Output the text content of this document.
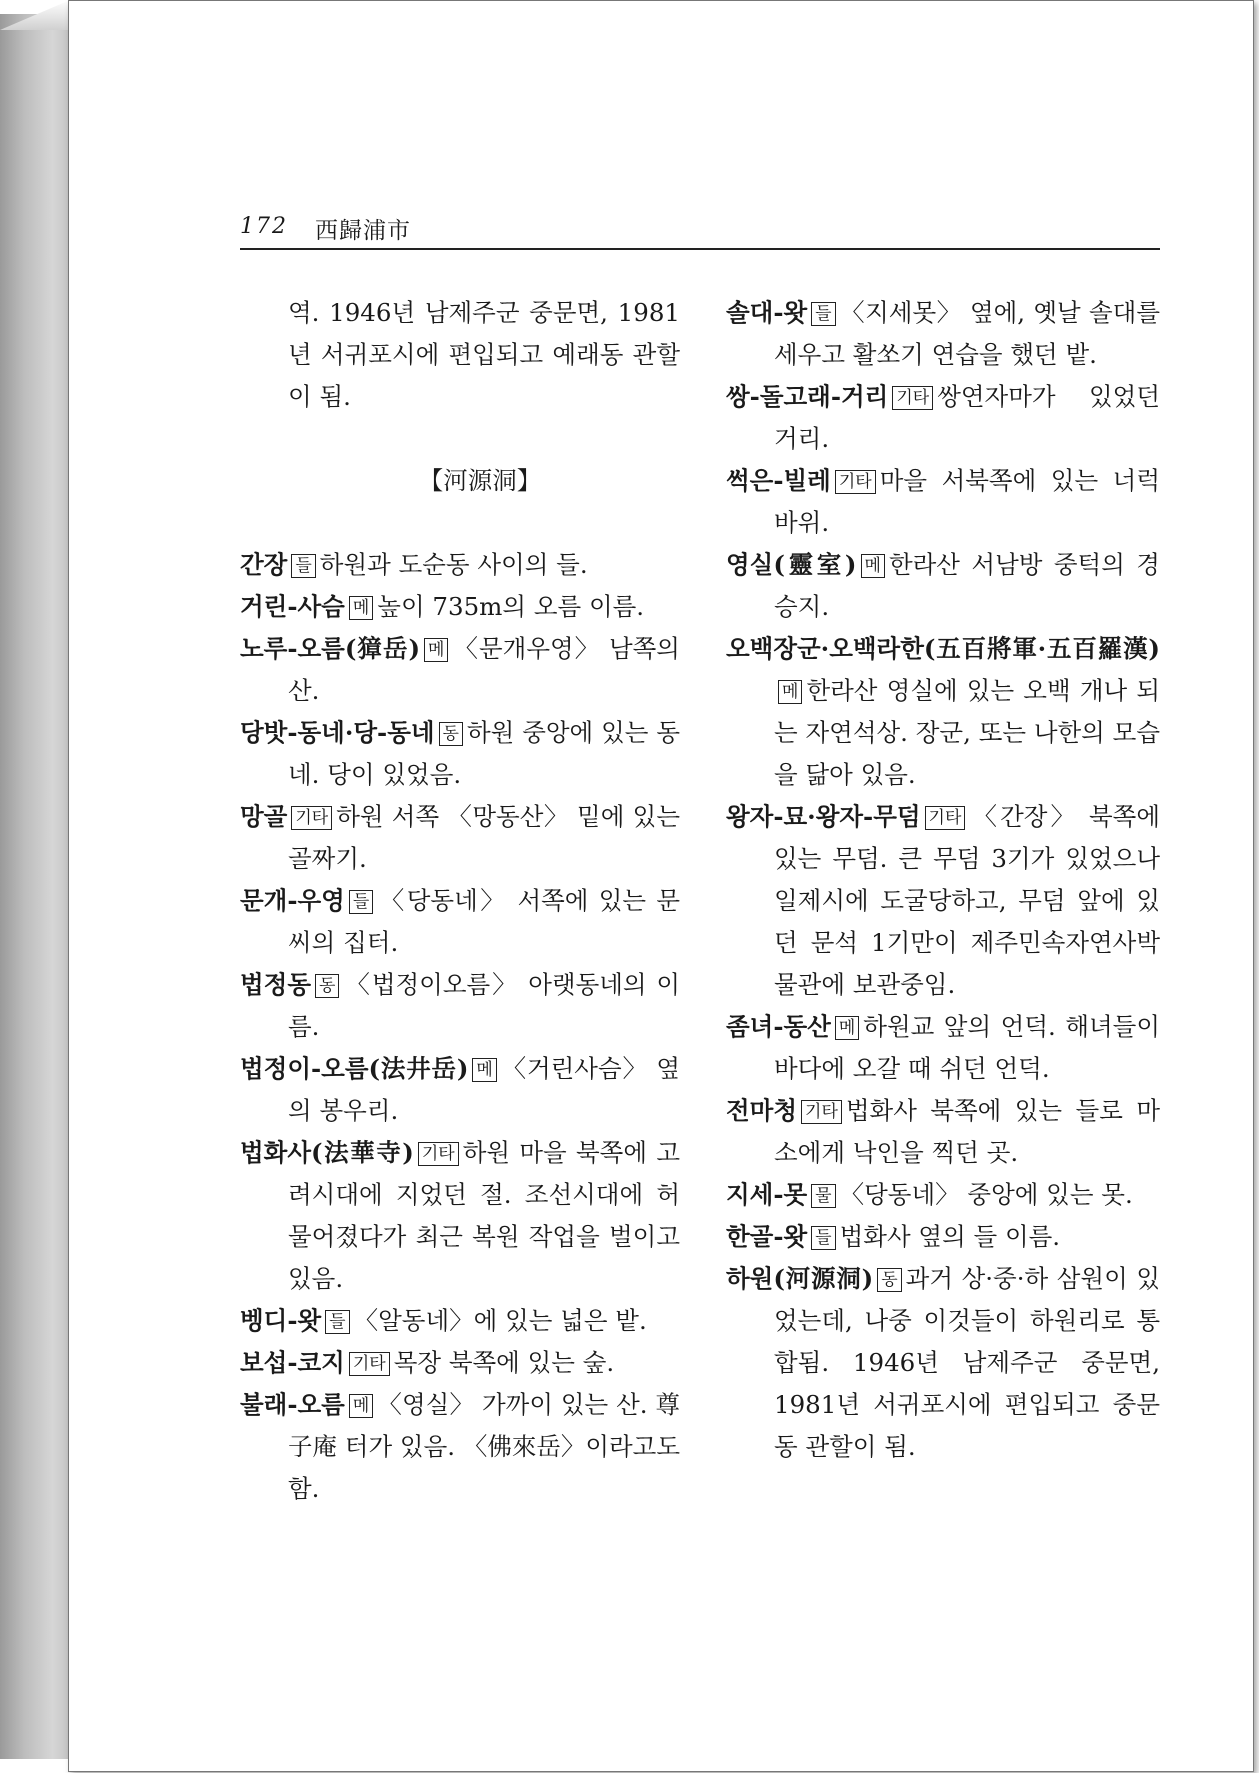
172 西歸浦市

역. 1946년 남제주군 중문면, 1981년 서귀포시에 편입되고 예래동 관할이 됨.

【河源洞】

간장 들 하원과 도순동 사이의 들.

거린-사슴 메 높이 735m의 오름 이름.

노루-오름(獐岳) 메 〈문개우영〉 남쪽의 산.

당밧-동네·당-동네 동 하원 중앙에 있는 동네. 당이 있었음.

망골 기타 하원 서쪽 〈망동산〉 밑에 있는 골짜기.

문개-우영 들 〈당동네〉 서쪽에 있는 문씨의 집터.

법정동 동 〈법정이오름〉 아랫동네의 이름.

법정이-오름(法井岳) 메 〈거린사슴〉 옆의 봉우리.

법화사(法華寺) 기타 하원 마을 북쪽에 고려시대에 지었던 절. 조선시대에 허물어졌다가 최근 복원 작업을 벌이고 있음.

벵디-왓 들 〈알동네〉에 있는 넓은 밭.

보섭-코지 기타 목장 북쪽에 있는 숲.

불래-오름 메 〈영실〉 가까이 있는 산. 尊子庵 터가 있음. 〈佛來岳〉이라고도 함.

솔대-왓 들 〈지세못〉 옆에, 옛날 솔대를 세우고 활쏘기 연습을 했던 밭.

쌍-돌고래-거리 기타 쌍연자마가 있었던 거리.

썩은-빌레 기타 마을 서북쪽에 있는 너럭바위.

영실(靈室) 메 한라산 서남방 중턱의 경승지.

오백장군·오백라한(五百將軍·五百羅漢)메 한라산 영실에 있는 오백 개나 되는 자연석상. 장군, 또는 나한의 모습을 닮아 있음.

왕자-묘·왕자-무덤 기타 〈간장〉 북쪽에 있는 무덤. 큰 무덤 3기가 있었으나 일제시에 도굴당하고, 무덤 앞에 있던 문석 1기만이 제주민속자연사박물관에 보관중임.

좀녀-동산 메 하원교 앞의 언덕. 해녀들이 바다에 오갈 때 쉬던 언덕.

전마청 기타 법화사 북쪽에 있는 들로 마소에게 낙인을 찍던 곳.

지세-못 물 〈당동네〉 중앙에 있는 못.

한골-왓 들 법화사 옆의 들 이름.

하원(河源洞) 동 과거 상·중·하 삼원이 있었는데, 나중 이것들이 하원리로 통합됨. 1946년 남제주군 중문면, 1981년 서귀포시에 편입되고 중문동 관할이 됨.
